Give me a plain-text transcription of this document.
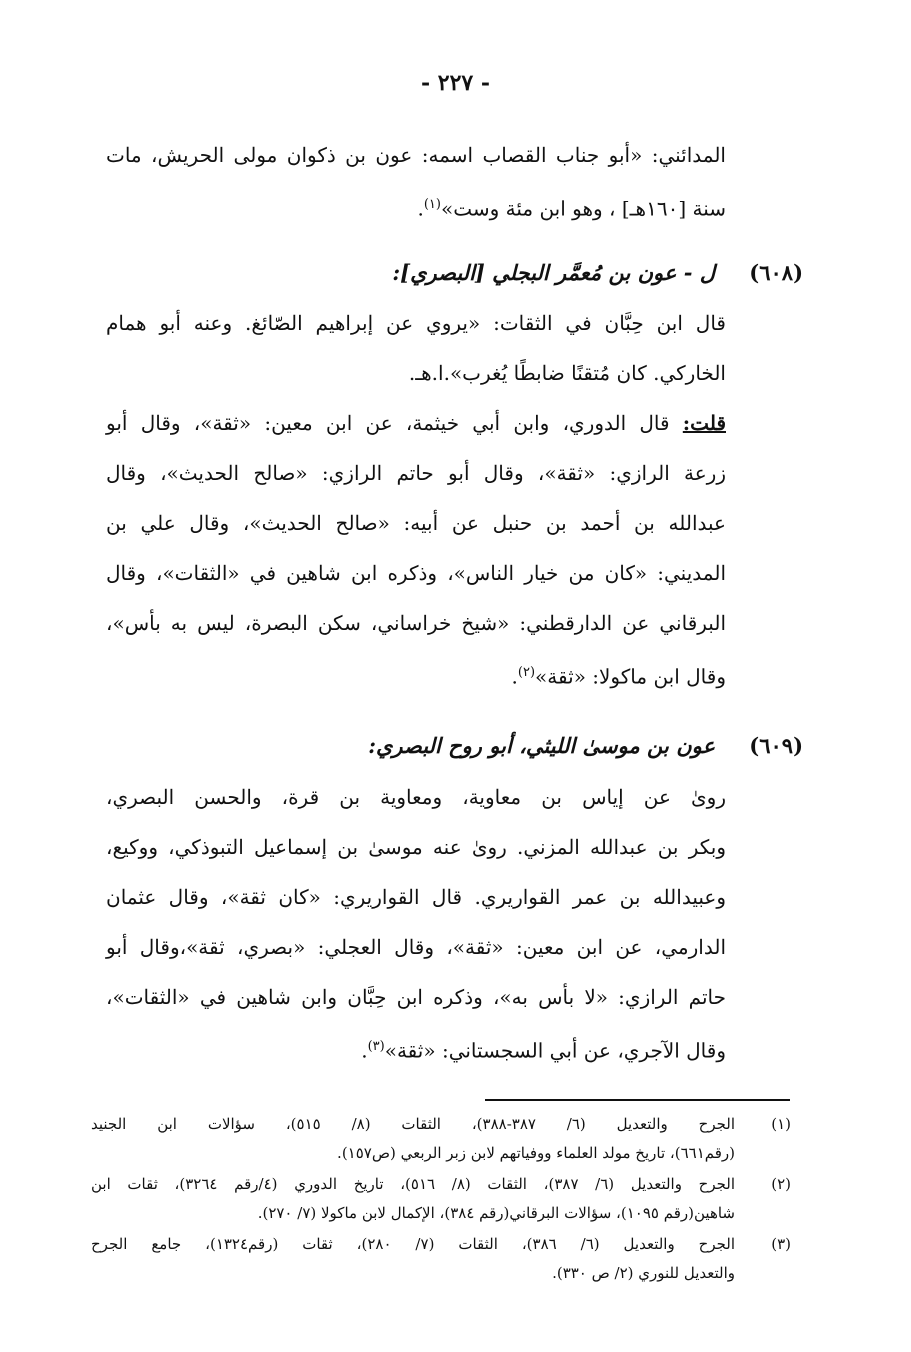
- ٢٢٧ -
المدائني: «أبو جناب القصاب اسمه: عون بن ذكوان مولى الحريش، مات
سنة [١٦٠هـ] ، وهو ابن مئة وست»$^{(١)}$.
(٦٠٨)ل - عون بن مُعمَّر البجلي [البصري]:
قال ابن حِبَّان في الثقات: «يروي عن إبراهيم الصّائغ. وعنه أبو همام
الخاركي. كان مُتقنًا ضابطًا يُغرب».ا.هـ.
قلت: قال الدوري، وابن أبي خيثمة، عن ابن معين: «ثقة»، وقال أبو
زرعة الرازي: «ثقة»، وقال أبو حاتم الرازي: «صالح الحديث»، وقال
عبدالله بن أحمد بن حنبل عن أبيه: «صالح الحديث»، وقال علي بن
المديني: «كان من خيار الناس»، وذكره ابن شاهين في «الثقات»، وقال
البرقاني عن الدارقطني: «شيخ خراساني، سكن البصرة، ليس به بأس»،
وقال ابن ماكولا: «ثقة»$^{(٢)}$.
(٦٠٩)عون بن موسىٰ الليثي، أبو روح البصري:
روىٰ عن إياس بن معاوية، ومعاوية بن قرة، والحسن البصري،
وبكر بن عبدالله المزني. روىٰ عنه موسىٰ بن إسماعيل التبوذكي، ووكيع،
وعبيدالله بن عمر القواريري. قال القواريري: «كان ثقة»، وقال عثمان
الدارمي، عن ابن معين: «ثقة»، وقال العجلي: «بصري، ثقة»،وقال أبو
حاتم الرازي: «لا بأس به»، وذكره ابن حِبَّان وابن شاهين في «الثقات»،
وقال الآجري، عن أبي السجستاني: «ثقة»$^{(٣)}$.
(١)
الجرح والتعديل (٦/ ٣٨٧-٣٨٨)، الثقات (٨/ ٥١٥)، سؤالات ابن الجنيد
(رقم٦٦١)، تاريخ مولد العلماء ووفياتهم لابن زبر الربعي (ص١٥٧).
(٢)
الجرح والتعديل (٦/ ٣٨٧)، الثقات (٨/ ٥١٦)، تاريخ الدوري (٤/رقم ٣٢٦٤)، ثقات ابن
شاهين(رقم ١٠٩٥)، سؤالات البرقاني(رقم ٣٨٤)، الإكمال لابن ماكولا (٧/ ٢٧٠).
(٣)
الجرح والتعديل (٦/ ٣٨٦)، الثقات (٧/ ٢٨٠)، ثقات (رقم١٣٢٤)، جامع الجرح
والتعديل للنوري (٢/ ص ٣٣٠).
